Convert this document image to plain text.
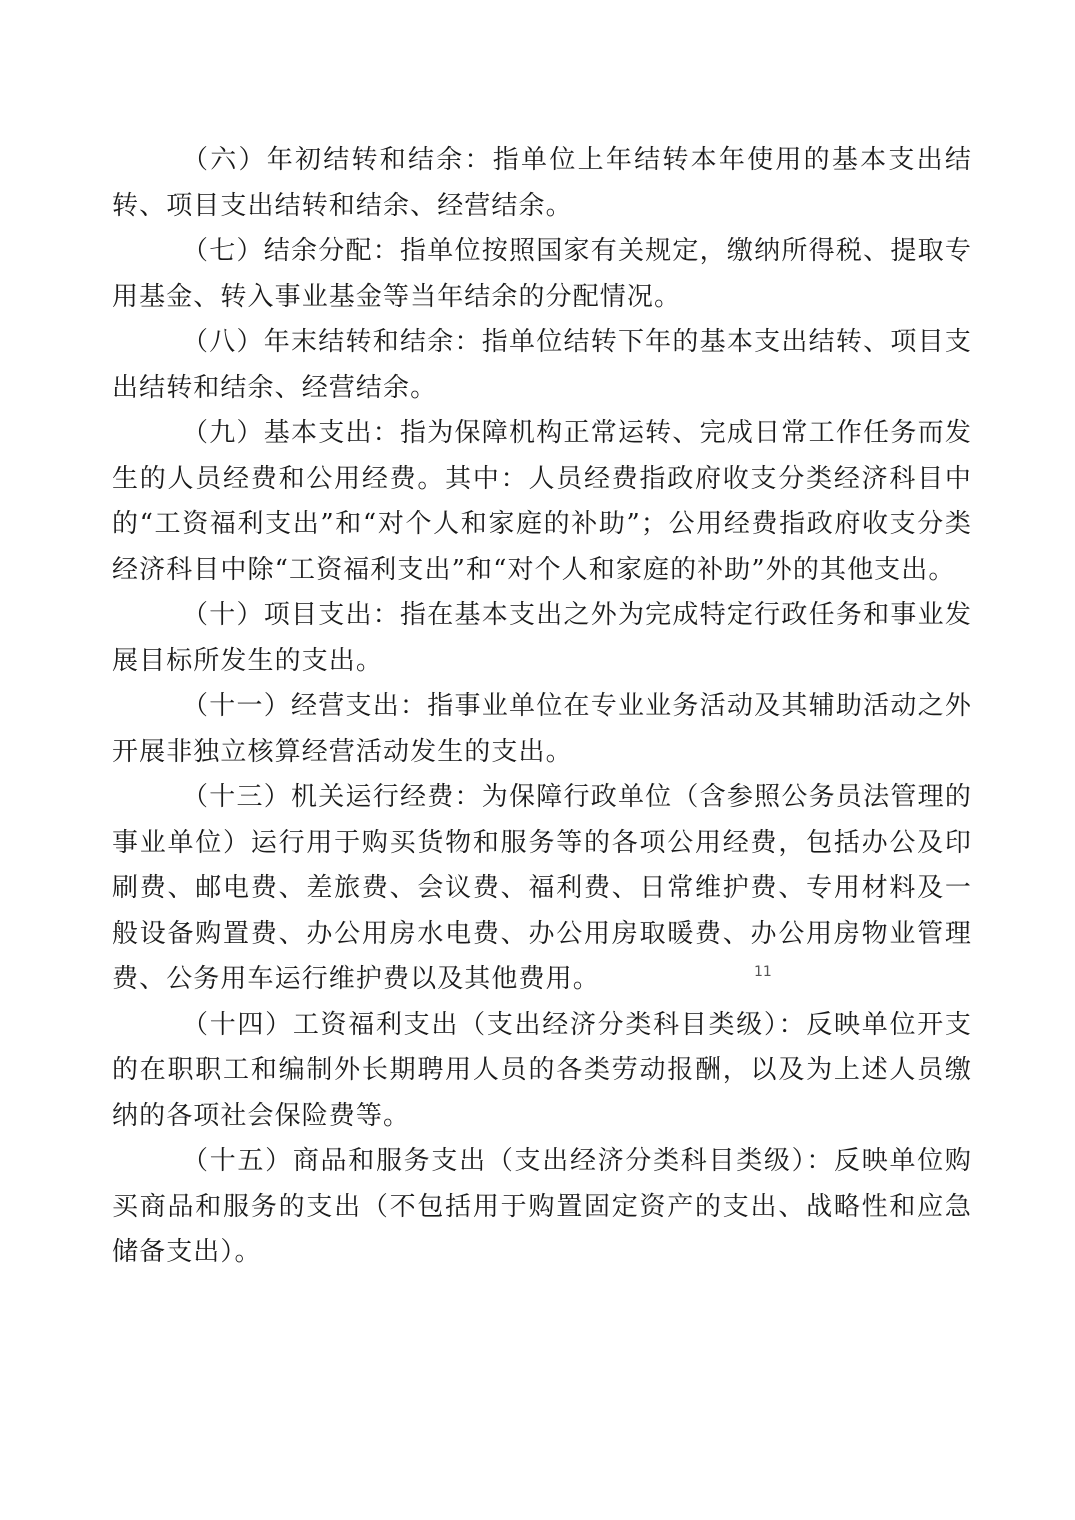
（六）年初结转和结余：指单位上年结转本年使用的基本支出结转、项目支出结转和结余、经营结余。

（七）结余分配：指单位按照国家有关规定，缴纳所得税、提取专用基金、转入事业基金等当年结余的分配情况。

（八）年末结转和结余：指单位结转下年的基本支出结转、项目支出结转和结余、经营结余。

（九）基本支出：指为保障机构正常运转、完成日常工作任务而发生的人员经费和公用经费。其中：人员经费指政府收支分类经济科目中的“工资福利支出”和“对个人和家庭的补助”；公用经费指政府收支分类经济科目中除“工资福利支出”和“对个人和家庭的补助”外的其他支出。

（十）项目支出：指在基本支出之外为完成特定行政任务和事业发展目标所发生的支出。

（十一）经营支出：指事业单位在专业业务活动及其辅助活动之外开展非独立核算经营活动发生的支出。

（十三）机关运行经费：为保障行政单位（含参照公务员法管理的事业单位）运行用于购买货物和服务等的各项公用经费，包括办公及印刷费、邮电费、差旅费、会议费、福利费、日常维护费、专用材料及一般设备购置费、办公用房水电费、办公用房取暖费、办公用房物业管理费、公务用车运行维护费以及其他费用。

（十四）工资福利支出（支出经济分类科目类级）：反映单位开支的在职职工和编制外长期聘用人员的各类劳动报酬，以及为上述人员缴纳的各项社会保险费等。

（十五）商品和服务支出（支出经济分类科目类级）：反映单位购买商品和服务的支出（不包括用于购置固定资产的支出、战略性和应急储备支出）。

11
